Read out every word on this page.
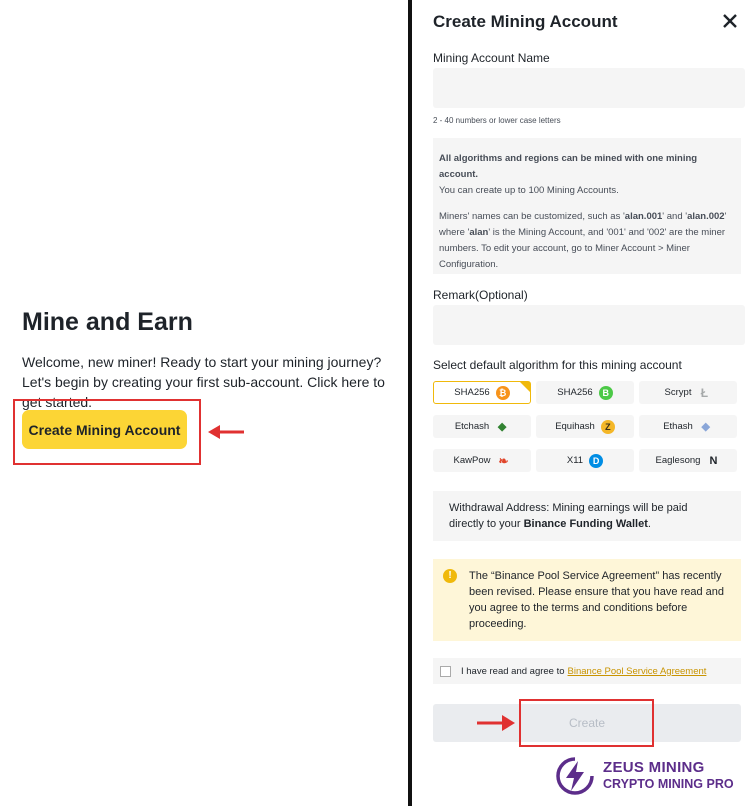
Mine and Earn
Welcome, new miner! Ready to start your mining journey? Let's begin by creating your first sub-account. Click here to get started.
Create Mining Account
Create Mining Account
Mining Account Name
2 - 40 numbers or lower case letters

All algorithms and regions can be mined with one mining account.

You can create up to 100 Mining Accounts.

Miners' names can be customized, such as 'alan.001' and 'alan.002' where 'alan' is the Mining Account, and '001' and '002' are the miner numbers. To edit your account, go to Miner Account > Miner Configuration.

Remark(Optional)
Select default algorithm for this mining account
SHA256	₿	SHA256	B	Scrypt Ł
Etchash ◆	Equihash	Z	Ethash ◆
KawPow ❧	X11	D	Eaglesong N
Withdrawal Address: Mining earnings will be paid directly to your Binance Funding Wallet.
!	The “Binance Pool Service Agreement” has recently been revised. Please ensure that you have read and you agree to the terms and conditions before proceeding.
I have read and agree to Binance Pool Service Agreement
Create
ZEUS MINING
CRYPTO MINING PRO
